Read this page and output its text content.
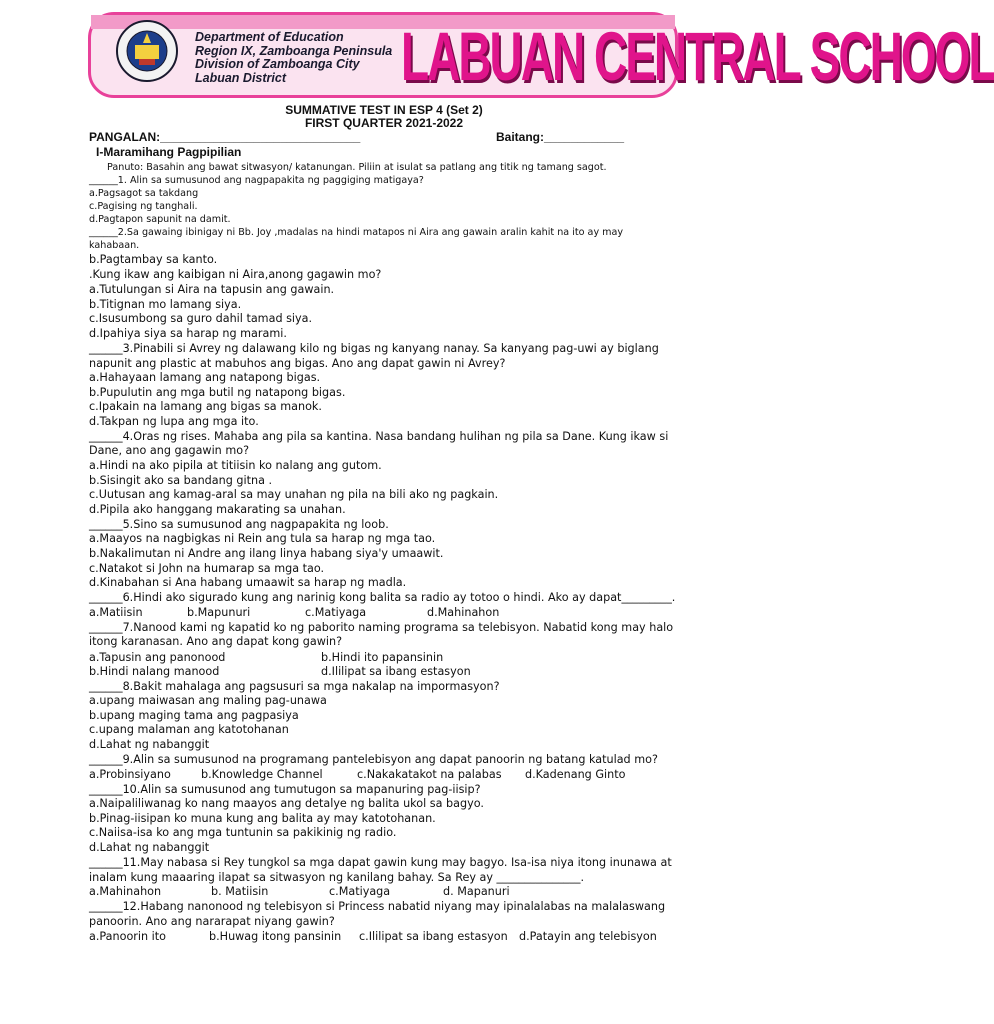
Department of Education
Region IX, Zamboanga Peninsula
Division of Zamboanga City
Labuan District	LABUAN CENTRAL SCHOOL
SUMMATIVE TEST IN ESP 4 (Set 2)
FIRST QUARTER 2021-2022
PANGALAN:______________________________	Baitang:____________
I-Maramihang Pagpipilian
Panuto: Basahin ang bawat sitwasyon/ katanungan. Piliin at isulat sa patlang ang titik ng tamang sagot.
______1. Alin sa sumusunod ang nagpapakita ng paggiging matigaya?
a.Pagsagot sa takdang
c.Pagising ng tanghali.
d.Pagtapon sapunit na damit.
______2.Sa gawaing ibinigay ni Bb. Joy ,madalas na hindi matapos ni Aira ang gawain aralin kahit na ito ay may
kahabaan.
b.Pagtambay sa kanto.
.Kung ikaw ang kaibigan ni Aira,anong gagawin mo?
a.Tutulungan si Aira na tapusin ang gawain.
b.Titignan mo lamang siya.
c.Isusumbong sa guro dahil tamad siya.
d.Ipahiya siya sa harap ng marami.
______3.Pinabili si Avrey ng dalawang kilo ng bigas ng kanyang nanay. Sa kanyang pag-uwi ay biglang
napunit ang plastic at mabuhos ang bigas. Ano ang dapat gawin ni Avrey?
a.Hahayaan lamang ang natapong bigas.
b.Pupulutin ang mga butil ng natapong bigas.
c.Ipakain na lamang ang bigas sa manok.
d.Takpan ng lupa ang mga ito.
______4.Oras ng rises. Mahaba ang pila sa kantina. Nasa bandang hulihan ng pila sa Dane. Kung ikaw si
Dane, ano ang gagawin mo?
a.Hindi na ako pipila at titiisin ko nalang ang gutom.
b.Sisingit ako sa bandang gitna .
c.Uutusan ang kamag-aral sa may unahan ng pila na bili ako ng pagkain.
d.Pipila ako hanggang makarating sa unahan.
______5.Sino sa sumusunod ang nagpapakita ng loob.
a.Maayos na nagbigkas ni Rein ang tula sa harap ng mga tao.
b.Nakalimutan ni Andre ang ilang linya habang siya'y umaawit.
c.Natakot si John na humarap sa mga tao.
d.Kinabahan si Ana habang umaawit sa harap ng madla.
______6.Hindi ako sigurado kung ang narinig kong balita sa radio ay totoo o hindi. Ako ay dapat_________.
a.Matiisin	b.Mapunuri	c.Matiyaga	d.Mahinahon
______7.Nanood kami ng kapatid ko ng paborito naming programa sa telebisyon. Nabatid kong may halo
itong karanasan. Ano ang dapat kong gawin?
a.Tapusin ang panonood	b.Hindi ito papansinin
b.Hindi nalang manood	d.Ililipat sa ibang estasyon
______8.Bakit mahalaga ang pagsusuri sa mga nakalap na impormasyon?
a.upang maiwasan ang maling pag-unawa
b.upang maging tama ang pagpasiya
c.upang malaman ang katotohanan
d.Lahat ng nabanggit
______9.Alin sa sumusunod na programang pantelebisyon ang dapat panoorin ng batang katulad mo?
a.Probinsiyano	b.Knowledge Channel	c.Nakakatakot na palabas d.Kadenang Ginto
______10.Alin sa sumusunod ang tumutugon sa mapanuring pag-iisip?
a.Naipaliliwanag ko nang maayos ang detalye ng balita ukol sa bagyo.
b.Pinag-iisipan ko muna kung ang balita ay may katotohanan.
c.Naiisa-isa ko ang mga tuntunin sa pakikinig ng radio.
d.Lahat ng nabanggit
______11.May nabasa si Rey tungkol sa mga dapat gawin kung may bagyo. Isa-isa niya itong inunawa at
inalam kung maaaring ilapat sa sitwasyon ng kanilang bahay. Sa Rey ay _______________.
a.Mahinahon	b. Matiisin	c.Matiyaga	d. Mapanuri
______12.Habang nanonood ng telebisyon si Princess nabatid niyang may ipinalalabas na malalaswang
panoorin. Ano ang nararapat niyang gawin?
a.Panoorin ito	b.Huwag itong pansinin c.Ililipat sa ibang estasyon d.Patayin ang telebisyon
